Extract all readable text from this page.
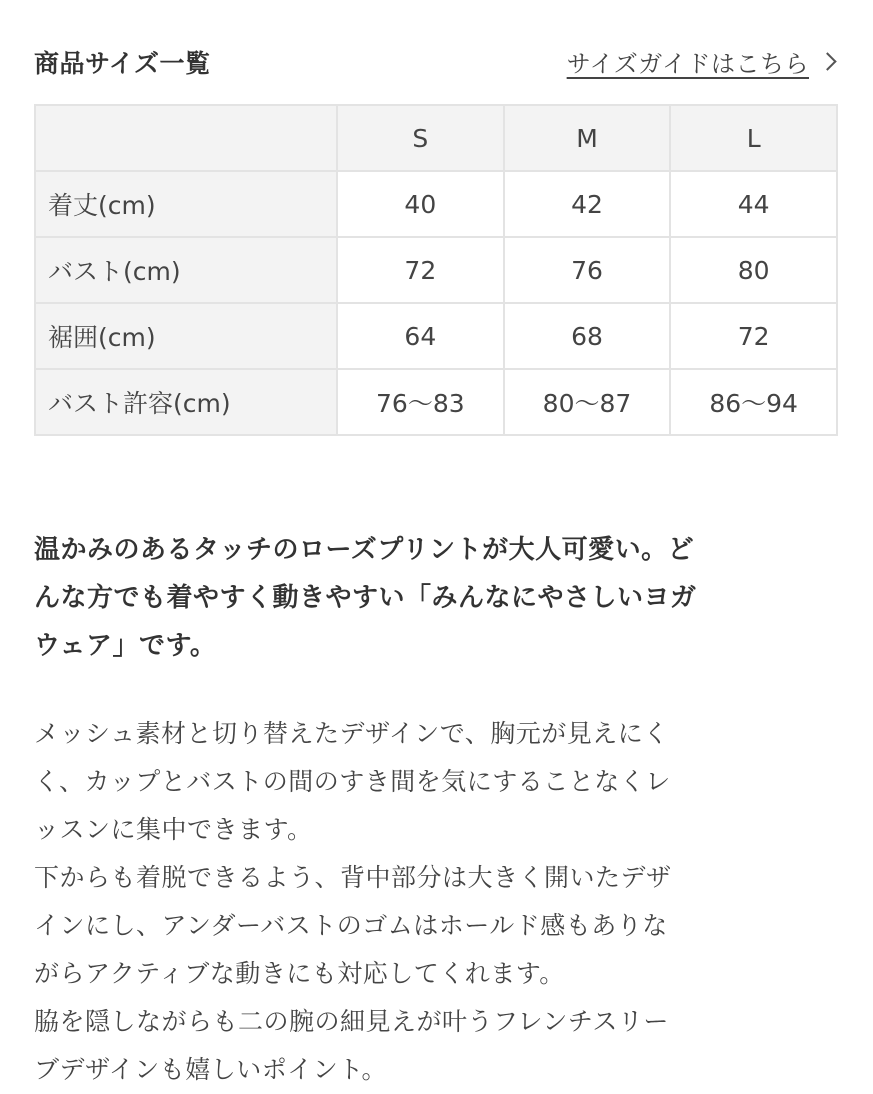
商品サイズ一覧	サイズガイドはこちら
	S	M	L
着丈(cm)	40	42	44
バスト(cm)	72	76	80
裾囲(cm)	64	68	72
バスト許容(cm)	76〜83	80〜87	86〜94
温かみのあるタッチのローズプリントが大人可愛い。ど
んな方でも着やすく動きやすい「みんなにやさしいヨガ
ウェア」です。
メッシュ素材と切り替えたデザインで、胸元が見えにく
く、カップとバストの間のすき間を気にすることなくレ
ッスンに集中できます。
下からも着脱できるよう、背中部分は大きく開いたデザ
インにし、アンダーバストのゴムはホールド感もありな
がらアクティブな動きにも対応してくれます。
脇を隠しながらも二の腕の細見えが叶うフレンチスリー
ブデザインも嬉しいポイント。
